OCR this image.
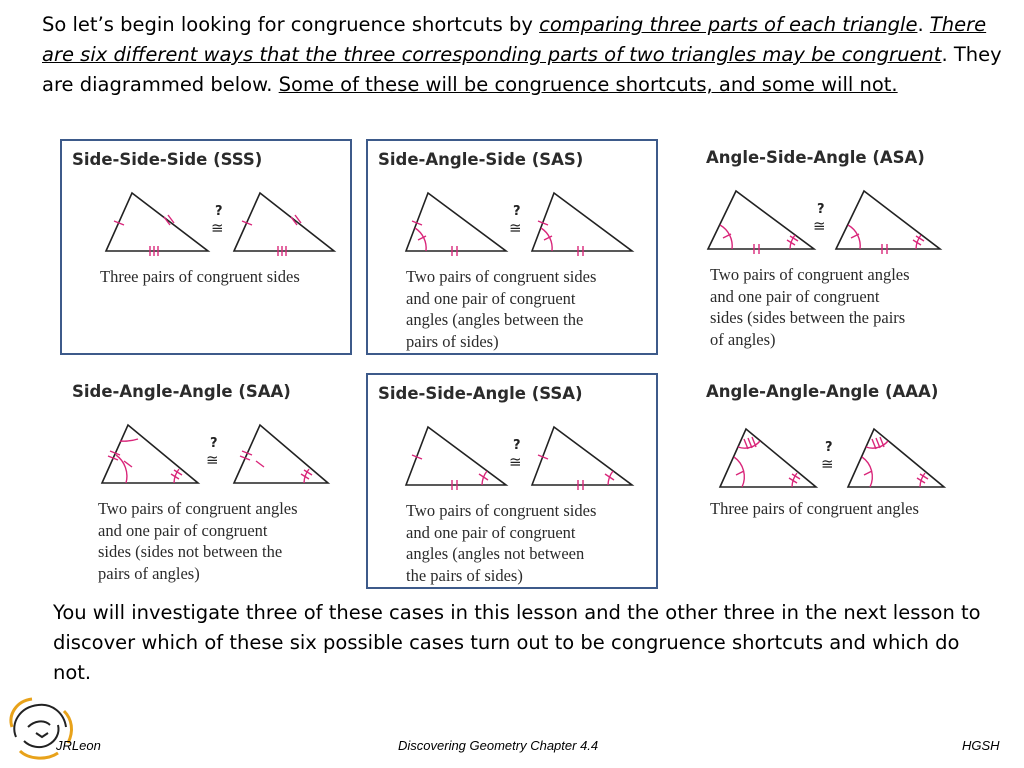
So let’s begin looking for congruence shortcuts by comparing three parts of each triangle. There are six different ways that the three corresponding parts of two triangles may be congruent. They are diagrammed below. Some of these will be congruence shortcuts, and some will not.
Side-Side-Side (SSS)
?
≅
Three pairs of congruent sides
Side-Angle-Side (SAS)
?
≅
Two pairs of congruent sides
and one pair of congruent
angles (angles between the
pairs of sides)
Angle-Side-Angle (ASA)
?
≅
Two pairs of congruent angles
and one pair of congruent
sides (sides between the pairs
of angles)
Side-Angle-Angle (SAA)
?
≅
Two pairs of congruent angles
and one pair of congruent
sides (sides not between the
pairs of angles)
Side-Side-Angle (SSA)
?
≅
Two pairs of congruent sides
and one pair of congruent
angles (angles not between
the pairs of sides)
Angle-Angle-Angle (AAA)
?
≅
Three pairs of congruent angles
You will investigate three of these cases in this lesson and the other three in the next lesson to discover which of these six possible cases turn out to be congruence shortcuts and which do not.
JRLeon	Discovering Geometry Chapter 4.4	HGSH
